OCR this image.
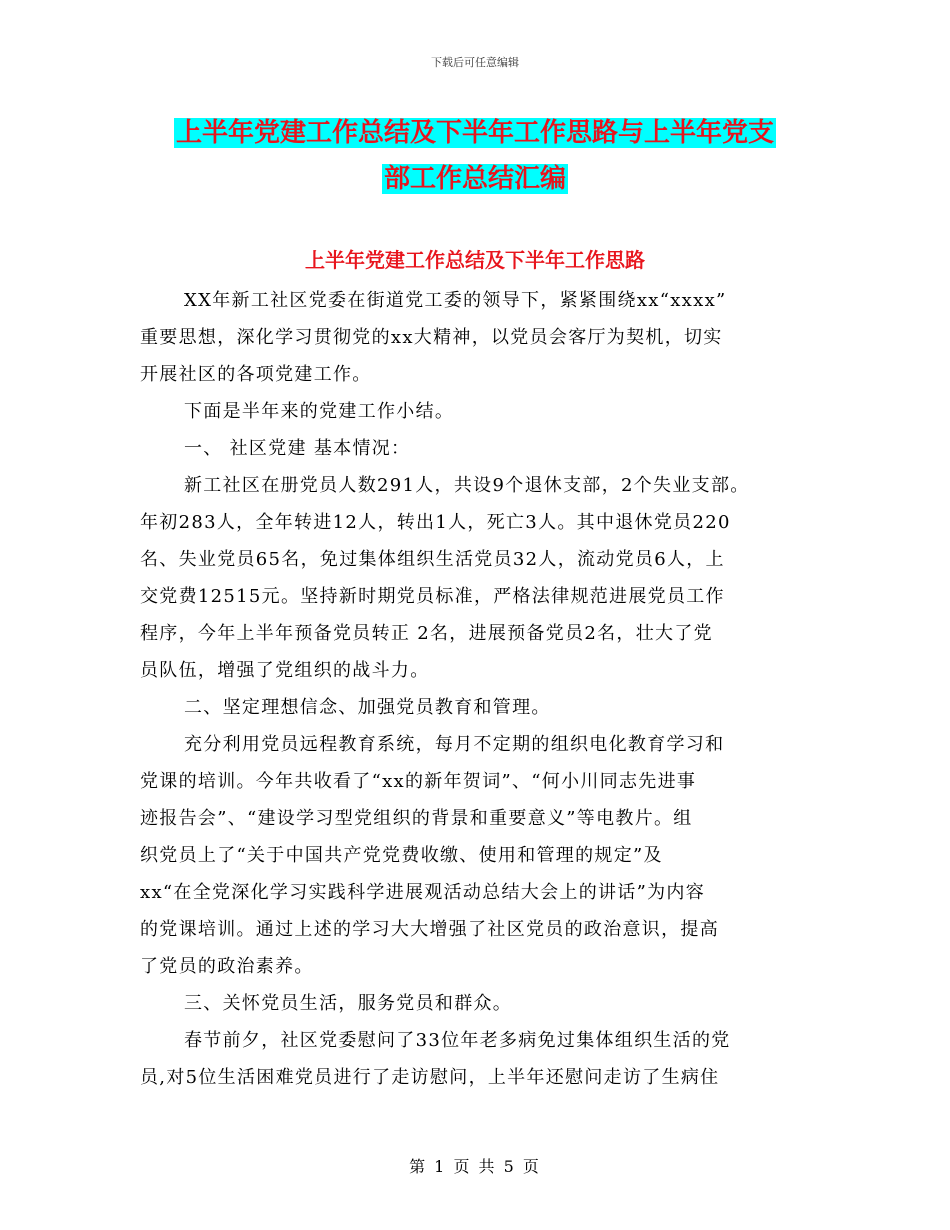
下载后可任意编辑
上半年党建工作总结及下半年工作思路与上半年党支
部工作总结汇编
上半年党建工作总结及下半年工作思路

XX年新工社区党委在街道党工委的领导下，紧紧围绕xx“xxxx”

重要思想，深化学习贯彻党的xx大精神，以党员会客厅为契机，切实

开展社区的各项党建工作。

下面是半年来的党建工作小结。

一、 社区党建 基本情况：

新工社区在册党员人数291人，共设9个退休支部，2个失业支部。

年初283人，全年转进12人，转出1人，死亡3人。其中退休党员220

名、失业党员65名，免过集体组织生活党员32人，流动党员6人，上

交党费12515元。坚持新时期党员标准，严格法律规范进展党员工作

程序，今年上半年预备党员转正 2名，进展预备党员2名，壮大了党

员队伍，增强了党组织的战斗力。

二、坚定理想信念、加强党员教育和管理。

充分利用党员远程教育系统，每月不定期的组织电化教育学习和

党课的培训。今年共收看了“xx的新年贺词”、“何小川同志先进事

迹报告会”、“建设学习型党组织的背景和重要意义”等电教片。组

织党员上了“关于中国共产党党费收缴、使用和管理的规定”及

xx“在全党深化学习实践科学进展观活动总结大会上的讲话”为内容

的党课培训。通过上述的学习大大增强了社区党员的政治意识，提高

了党员的政治素养。

三、关怀党员生活，服务党员和群众。

春节前夕，社区党委慰问了33位年老多病免过集体组织生活的党

员,对5位生活困难党员进行了走访慰问，上半年还慰问走访了生病住

第 1 页 共 5 页
